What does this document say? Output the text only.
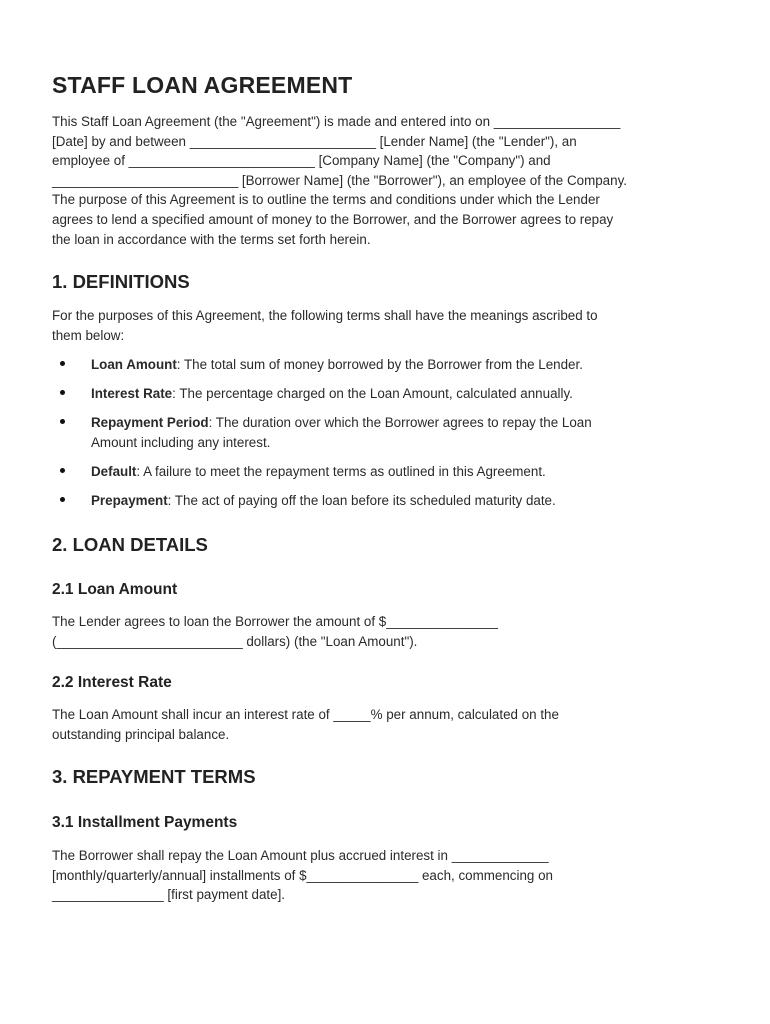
STAFF LOAN AGREEMENT

This Staff Loan Agreement (the "Agreement") is made and entered into on _________________
[Date] by and between _________________________ [Lender Name] (the "Lender"), an
employee of _________________________ [Company Name] (the "Company") and
_________________________ [Borrower Name] (the "Borrower"), an employee of the Company.
The purpose of this Agreement is to outline the terms and conditions under which the Lender
agrees to lend a specified amount of money to the Borrower, and the Borrower agrees to repay
the loan in accordance with the terms set forth herein.

1. DEFINITIONS

For the purposes of this Agreement, the following terms shall have the meanings ascribed to
them below:

Loan Amount: The total sum of money borrowed by the Borrower from the Lender.
Interest Rate: The percentage charged on the Loan Amount, calculated annually.
Repayment Period: The duration over which the Borrower agrees to repay the Loan
Amount including any interest.
Default: A failure to meet the repayment terms as outlined in this Agreement.
Prepayment: The act of paying off the loan before its scheduled maturity date.
2. LOAN DETAILS
2.1 Loan Amount

The Lender agrees to loan the Borrower the amount of $_______________
(_________________________ dollars) (the "Loan Amount").

2.2 Interest Rate

The Loan Amount shall incur an interest rate of _____% per annum, calculated on the
outstanding principal balance.

3. REPAYMENT TERMS
3.1 Installment Payments

The Borrower shall repay the Loan Amount plus accrued interest in _____________
[monthly/quarterly/annual] installments of $_______________ each, commencing on
_______________ [first payment date].
